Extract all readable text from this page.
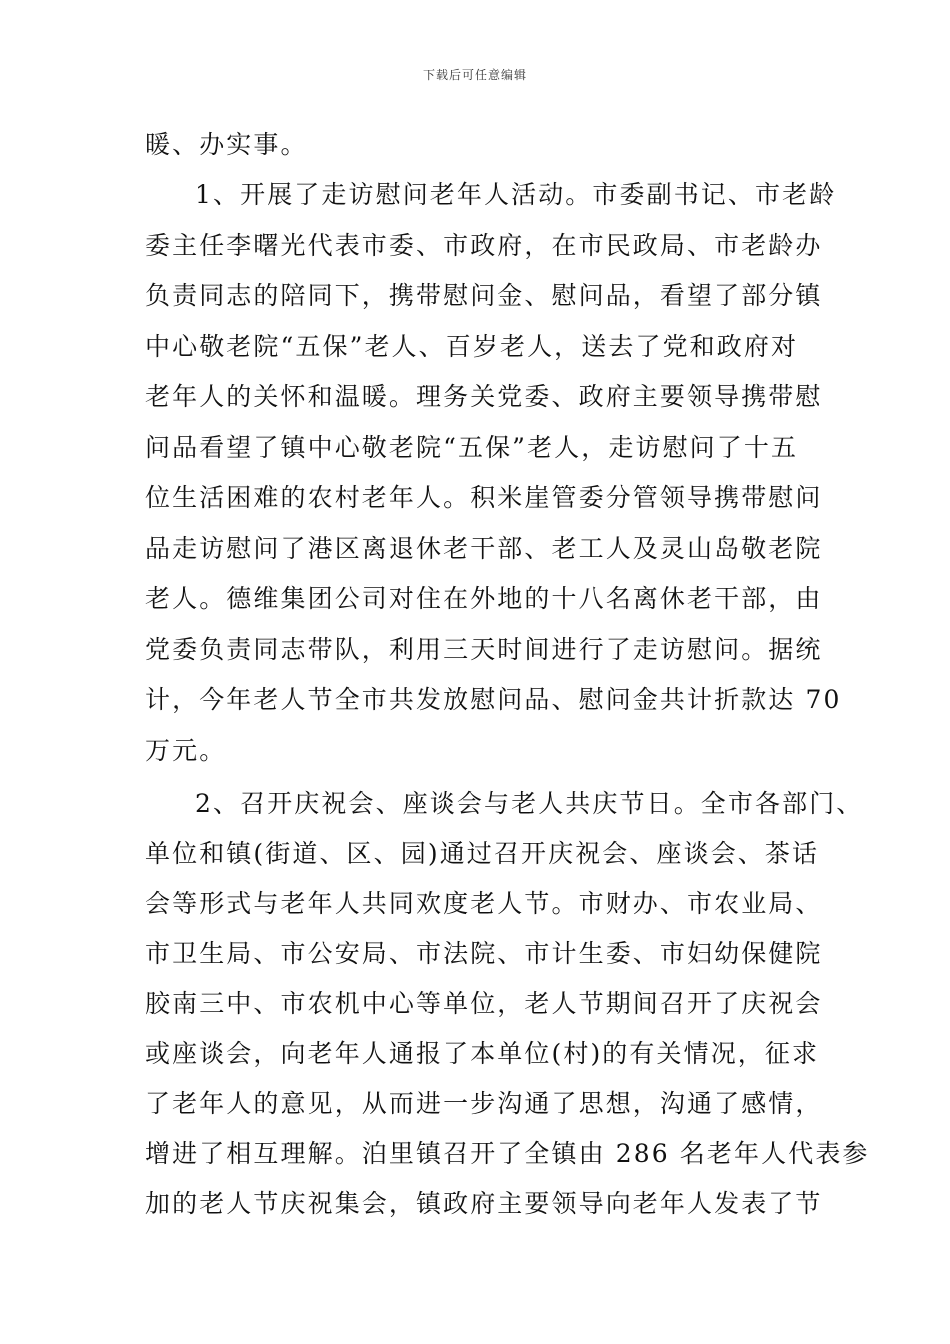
下载后可任意编辑
暖、办实事。
1、开展了走访慰问老年人活动。市委副书记、市老龄
委主任李曙光代表市委、市政府，在市民政局、市老龄办
负责同志的陪同下，携带慰问金、慰问品，看望了部分镇
中心敬老院“五保”老人、百岁老人，送去了党和政府对
老年人的关怀和温暖。理务关党委、政府主要领导携带慰
问品看望了镇中心敬老院“五保”老人，走访慰问了十五
位生活困难的农村老年人。积米崖管委分管领导携带慰问
品走访慰问了港区离退休老干部、老工人及灵山岛敬老院
老人。德维集团公司对住在外地的十八名离休老干部，由
党委负责同志带队，利用三天时间进行了走访慰问。据统
计，今年老人节全市共发放慰问品、慰问金共计折款达 70
万元。
2、召开庆祝会、座谈会与老人共庆节日。全市各部门、
单位和镇(街道、区、园)通过召开庆祝会、座谈会、茶话
会等形式与老年人共同欢度老人节。市财办、市农业局、
市卫生局、市公安局、市法院、市计生委、市妇幼保健院
胶南三中、市农机中心等单位，老人节期间召开了庆祝会
或座谈会，向老年人通报了本单位(村)的有关情况，征求
了老年人的意见，从而进一步沟通了思想，沟通了感情，
增进了相互理解。泊里镇召开了全镇由 286 名老年人代表参
加的老人节庆祝集会，镇政府主要领导向老年人发表了节
